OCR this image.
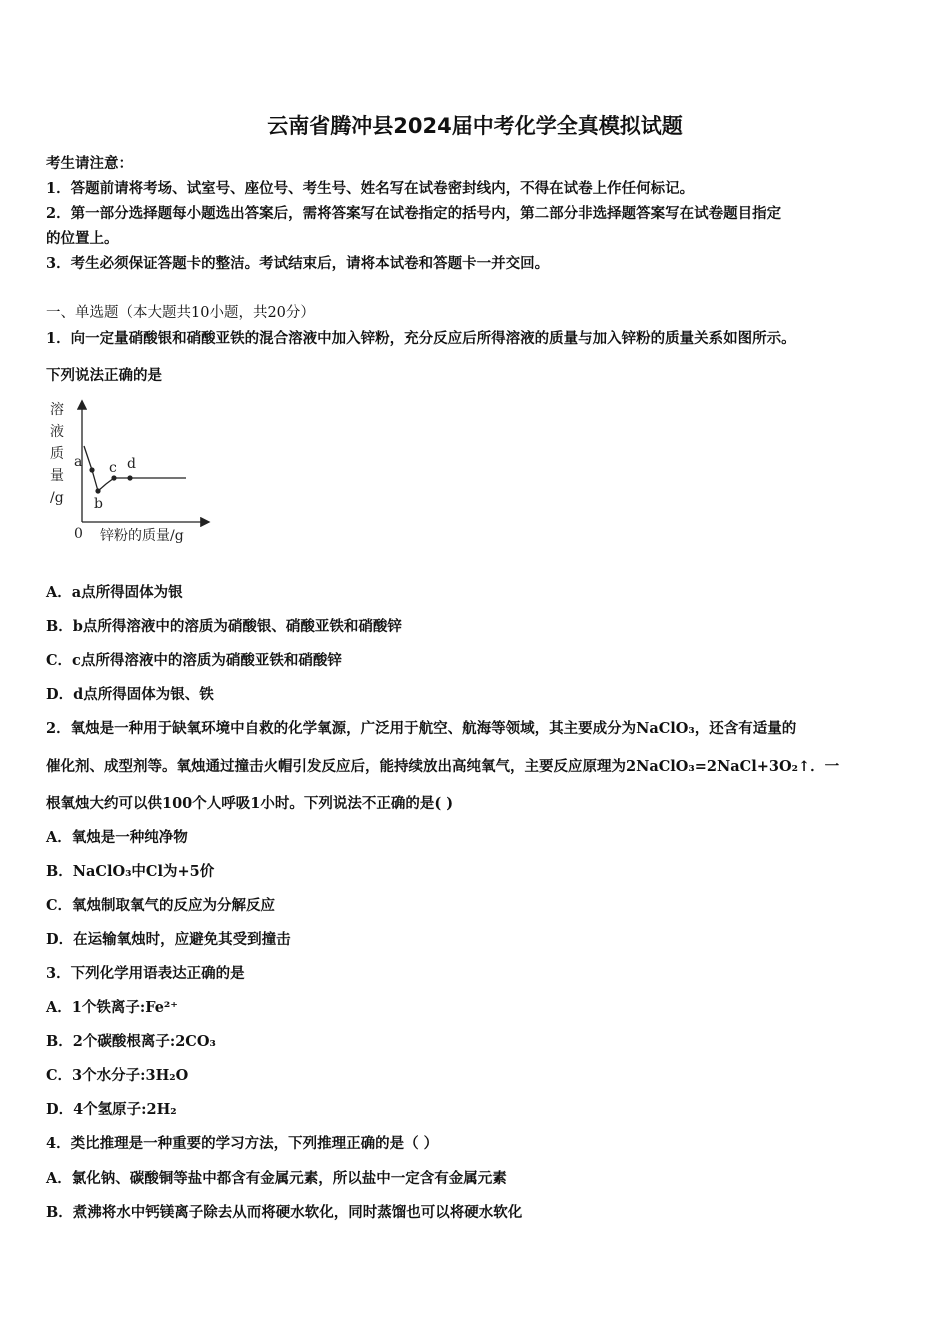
云南省腾冲县2024届中考化学全真模拟试题
考生请注意：
1．答题前请将考场、试室号、座位号、考生号、姓名写在试卷密封线内，不得在试卷上作任何标记。
2．第一部分选择题每小题选出答案后，需将答案写在试卷指定的括号内，第二部分非选择题答案写在试卷题目指定
的位置上。
3．考生必须保证答题卡的整洁。考试结束后，请将本试卷和答题卡一并交回。
一、单选题（本大题共10小题，共20分）
1．向一定量硝酸银和硝酸亚铁的混合溶液中加入锌粉，充分反应后所得溶液的质量与加入锌粉的质量关系如图所示。
下列说法正确的是
溶
液
质
量
/g
0 锌粉的质量/g
a
b
c d
A．a点所得固体为银
B．b点所得溶液中的溶质为硝酸银、硝酸亚铁和硝酸锌
C．c点所得溶液中的溶质为硝酸亚铁和硝酸锌
D．d点所得固体为银、铁
2．氧烛是一种用于缺氧环境中自救的化学氧源，广泛用于航空、航海等领域，其主要成分为NaClO₃，还含有适量的
催化剂、成型剂等。氧烛通过撞击火帽引发反应后，能持续放出高纯氧气，主要反应原理为2NaClO₃=2NaCl+3O₂↑．一
根氧烛大约可以供100个人呼吸1小时。下列说法不正确的是( )
A．氧烛是一种纯净物
B．NaClO₃中Cl为+5价
C．氧烛制取氧气的反应为分解反应
D．在运输氧烛时，应避免其受到撞击
3．下列化学用语表达正确的是
A．1个铁离子:Fe²⁺
B．2个碳酸根离子:2CO₃
C．3个水分子:3H₂O
D．4个氢原子:2H₂
4．类比推理是一种重要的学习方法，下列推理正确的是（ ）
A．氯化钠、碳酸铜等盐中都含有金属元素，所以盐中一定含有金属元素
B．煮沸将水中钙镁离子除去从而将硬水软化，同时蒸馏也可以将硬水软化
